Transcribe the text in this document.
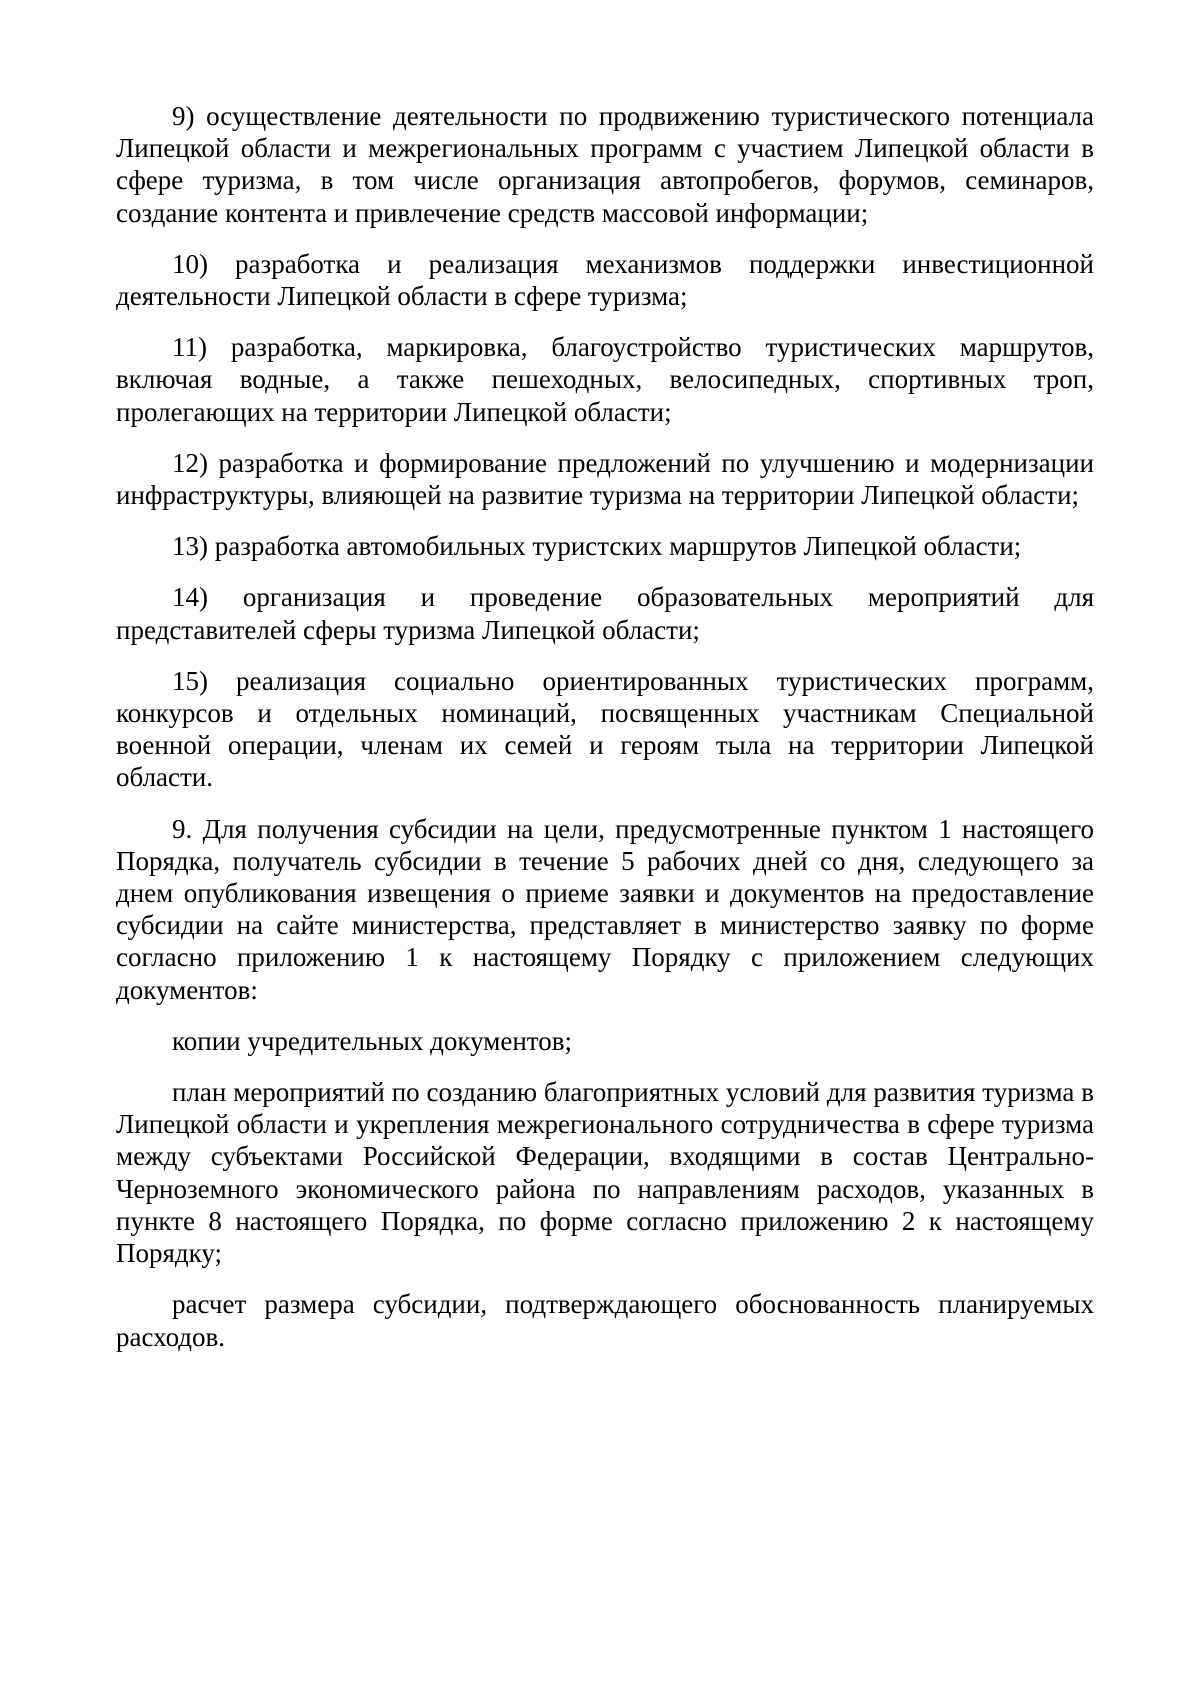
9) осуществление деятельности по продвижению туристического потенциала Липецкой области и межрегиональных программ с участием Липецкой области в сфере туризма, в том числе организация автопробегов, форумов, семинаров, создание контента и привлечение средств массовой информации;

10) разработка и реализация механизмов поддержки инвестиционной деятельности Липецкой области в сфере туризма;

11) разработка, маркировка, благоустройство туристических маршрутов, включая водные, а также пешеходных, велосипедных, спортивных троп, пролегающих на территории Липецкой области;

12) разработка и формирование предложений по улучшению и модернизации инфраструктуры, влияющей на развитие туризма на территории Липецкой области;

13) разработка автомобильных туристских маршрутов Липецкой области;

14) организация и проведение образовательных мероприятий для представителей сферы туризма Липецкой области;

15) реализация социально ориентированных туристических программ, конкурсов и отдельных номинаций, посвященных участникам Специальной военной операции, членам их семей и героям тыла на территории Липецкой области.

9. Для получения субсидии на цели, предусмотренные пунктом 1 настоящего Порядка, получатель субсидии в течение 5 рабочих дней со дня, следующего за днем опубликования извещения о приеме заявки и документов на предоставление субсидии на сайте министерства, представляет в министерство заявку по форме согласно приложению 1 к настоящему Порядку с приложением следующих документов:

копии учредительных документов;

план мероприятий по созданию благоприятных условий для развития туризма в Липецкой области и укрепления межрегионального сотрудничества в сфере туризма между субъектами Российской Федерации, входящими в состав Центрально-Черноземного экономического района по направлениям расходов, указанных в пункте 8 настоящего Порядка, по форме согласно приложению 2 к настоящему Порядку;

расчет размера субсидии, подтверждающего обоснованность планируемых расходов.
